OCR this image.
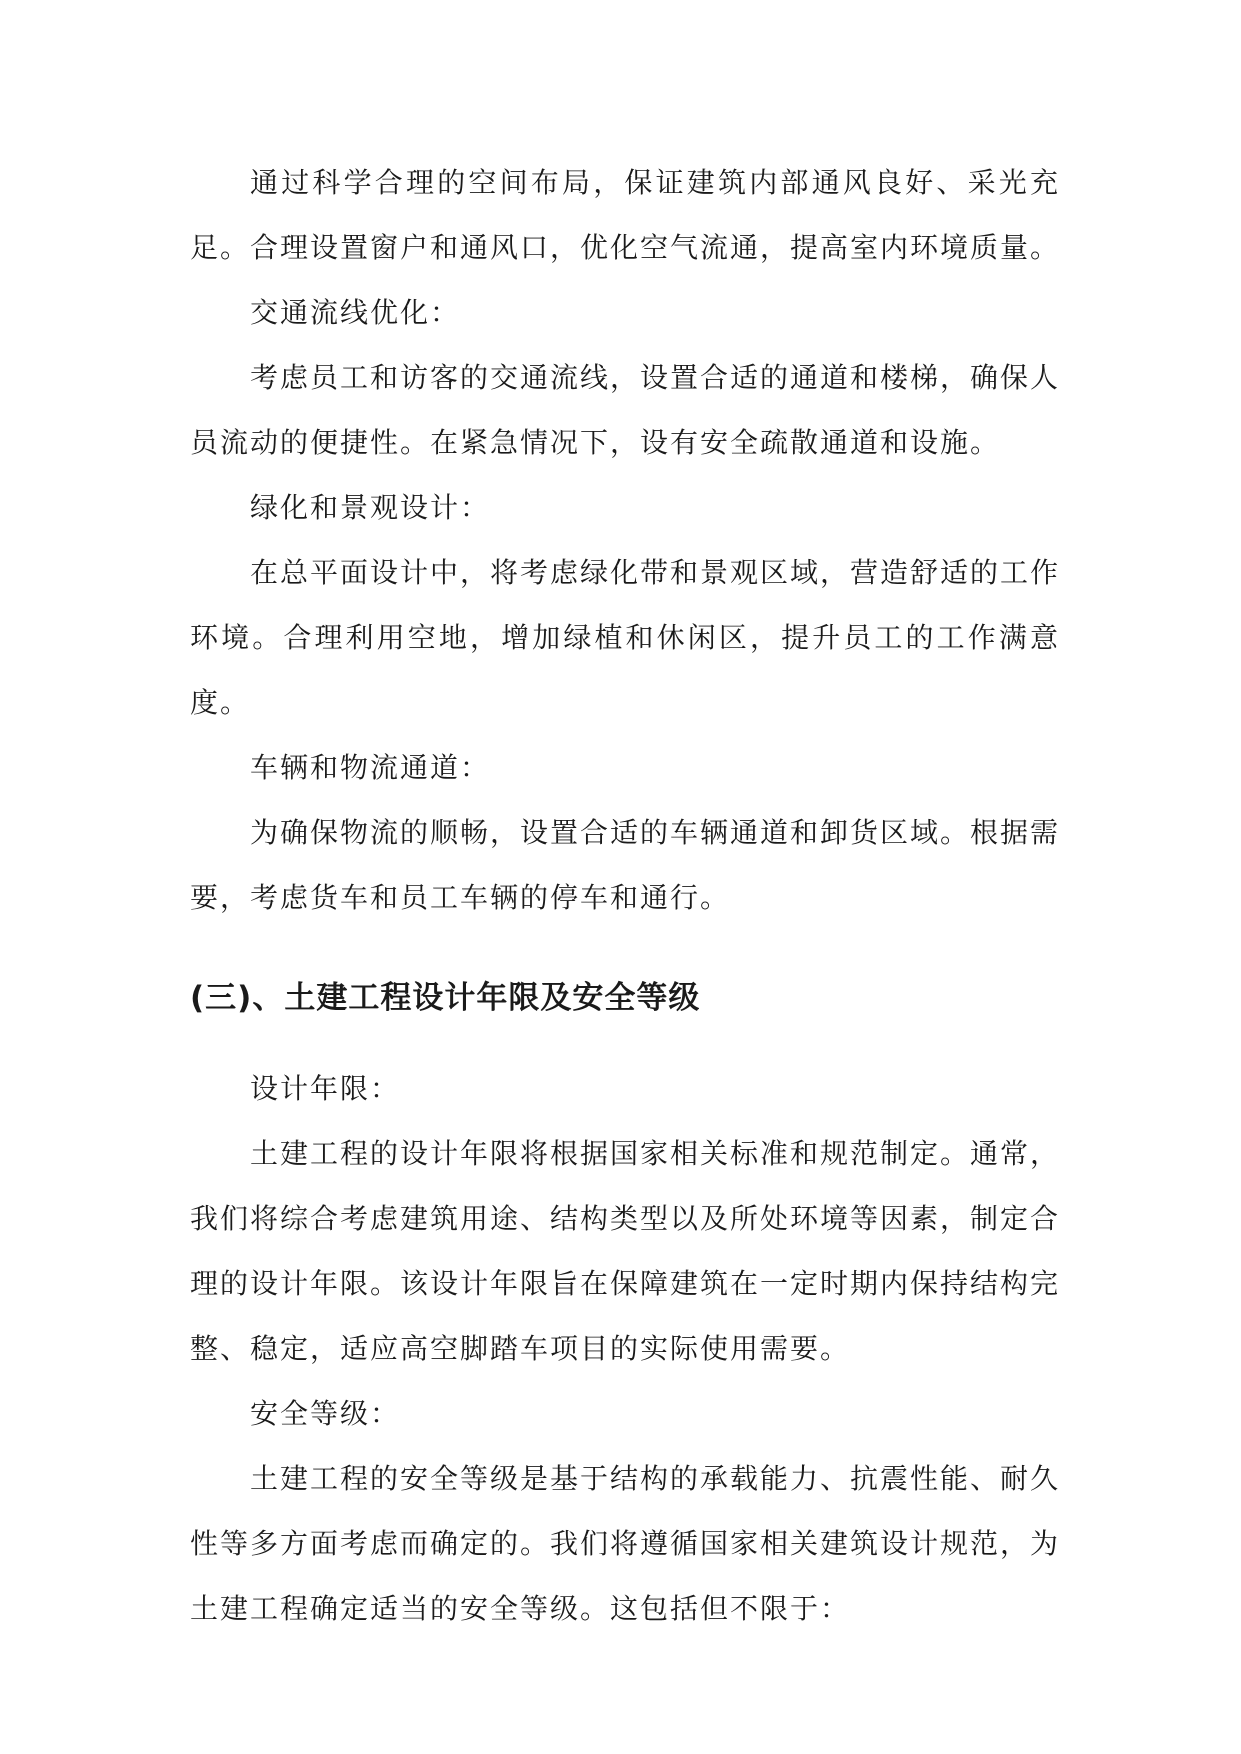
通过科学合理的空间布局，保证建筑内部通风良好、采光充足。合理设置窗户和通风口，优化空气流通，提高室内环境质量。

交通流线优化：

考虑员工和访客的交通流线，设置合适的通道和楼梯，确保人员流动的便捷性。在紧急情况下，设有安全疏散通道和设施。

绿化和景观设计：

在总平面设计中，将考虑绿化带和景观区域，营造舒适的工作环境。合理利用空地，增加绿植和休闲区，提升员工的工作满意度。

车辆和物流通道：

为确保物流的顺畅，设置合适的车辆通道和卸货区域。根据需要，考虑货车和员工车辆的停车和通行。

(三)、土建工程设计年限及安全等级

设计年限：

土建工程的设计年限将根据国家相关标准和规范制定。通常，我们将综合考虑建筑用途、结构类型以及所处环境等因素，制定合理的设计年限。该设计年限旨在保障建筑在一定时期内保持结构完整、稳定，适应高空脚踏车项目的实际使用需要。

安全等级：

土建工程的安全等级是基于结构的承载能力、抗震性能、耐久性等多方面考虑而确定的。我们将遵循国家相关建筑设计规范，为土建工程确定适当的安全等级。这包括但不限于：
